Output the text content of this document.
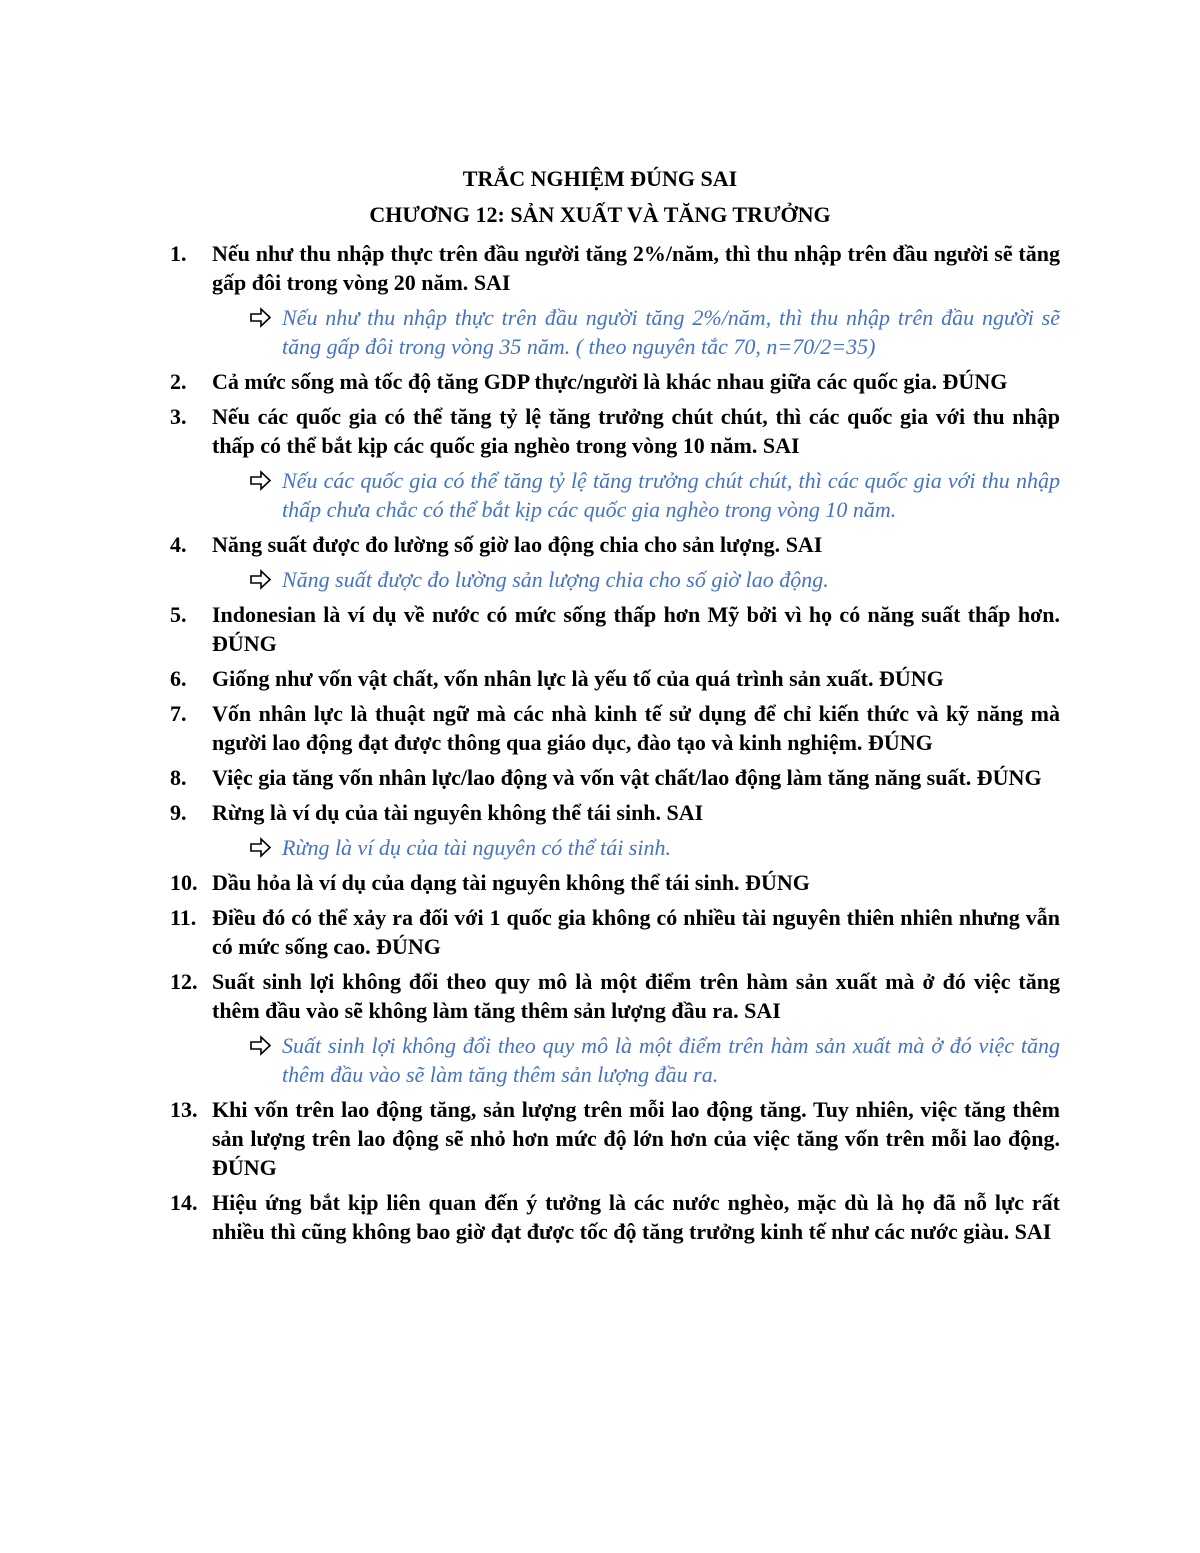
TRẮC NGHIỆM ĐÚNG SAI
CHƯƠNG 12: SẢN XUẤT VÀ TĂNG TRƯỞNG
1.	Nếu như thu nhập thực trên đầu người tăng 2%/năm, thì thu nhập trên đầu người sẽ tăng gấp đôi trong vòng 20 năm. SAI
Nếu như thu nhập thực trên đầu người tăng 2%/năm, thì thu nhập trên đầu người sẽ tăng gấp đôi trong vòng 35 năm. ( theo nguyên tắc 70, n=70/2=35)
2.	Cả mức sống mà tốc độ tăng GDP thực/người là khác nhau giữa các quốc gia. ĐÚNG
3.	Nếu các quốc gia có thể tăng tỷ lệ tăng trưởng chút chút, thì các quốc gia với thu nhập thấp có thể bắt kịp các quốc gia nghèo trong vòng 10 năm. SAI
Nếu các quốc gia có thể tăng tỷ lệ tăng trưởng chút chút, thì các quốc gia với thu nhập thấp chưa chắc có thể bắt kịp các quốc gia nghèo trong vòng 10 năm.
4.	Năng suất được đo lường số giờ lao động chia cho sản lượng. SAI
Năng suất được đo lường sản lượng chia cho số giờ lao động.
5.	Indonesian là ví dụ về nước có mức sống thấp hơn Mỹ bởi vì họ có năng suất thấp hơn. ĐÚNG
6.	Giống như vốn vật chất, vốn nhân lực là yếu tố của quá trình sản xuất. ĐÚNG
7.	Vốn nhân lực là thuật ngữ mà các nhà kinh tế sử dụng để chỉ kiến thức và kỹ năng mà người lao động đạt được thông qua giáo dục, đào tạo và kinh nghiệm. ĐÚNG
8.	Việc gia tăng vốn nhân lực/lao động và vốn vật chất/lao động làm tăng năng suất. ĐÚNG
9.	Rừng là ví dụ của tài nguyên không thể tái sinh. SAI
Rừng là ví dụ của tài nguyên có thể tái sinh.
10. Dầu hỏa là ví dụ của dạng tài nguyên không thể tái sinh. ĐÚNG
11. Điều đó có thể xảy ra đối với 1 quốc gia không có nhiều tài nguyên thiên nhiên nhưng vẫn có mức sống cao. ĐÚNG
12. Suất sinh lợi không đổi theo quy mô là một điểm trên hàm sản xuất mà ở đó việc tăng thêm đầu vào sẽ không làm tăng thêm sản lượng đầu ra. SAI
Suất sinh lợi không đổi theo quy mô là một điểm trên hàm sản xuất mà ở đó việc tăng thêm đầu vào sẽ làm tăng thêm sản lượng đầu ra.
13. Khi vốn trên lao động tăng, sản lượng trên mỗi lao động tăng. Tuy nhiên, việc tăng thêm sản lượng trên lao động sẽ nhỏ hơn mức độ lớn hơn của việc tăng vốn trên mỗi lao động. ĐÚNG
14. Hiệu ứng bắt kịp liên quan đến ý tưởng là các nước nghèo, mặc dù là họ đã nỗ lực rất nhiều thì cũng không bao giờ đạt được tốc độ tăng trưởng kinh tế như các nước giàu. SAI
